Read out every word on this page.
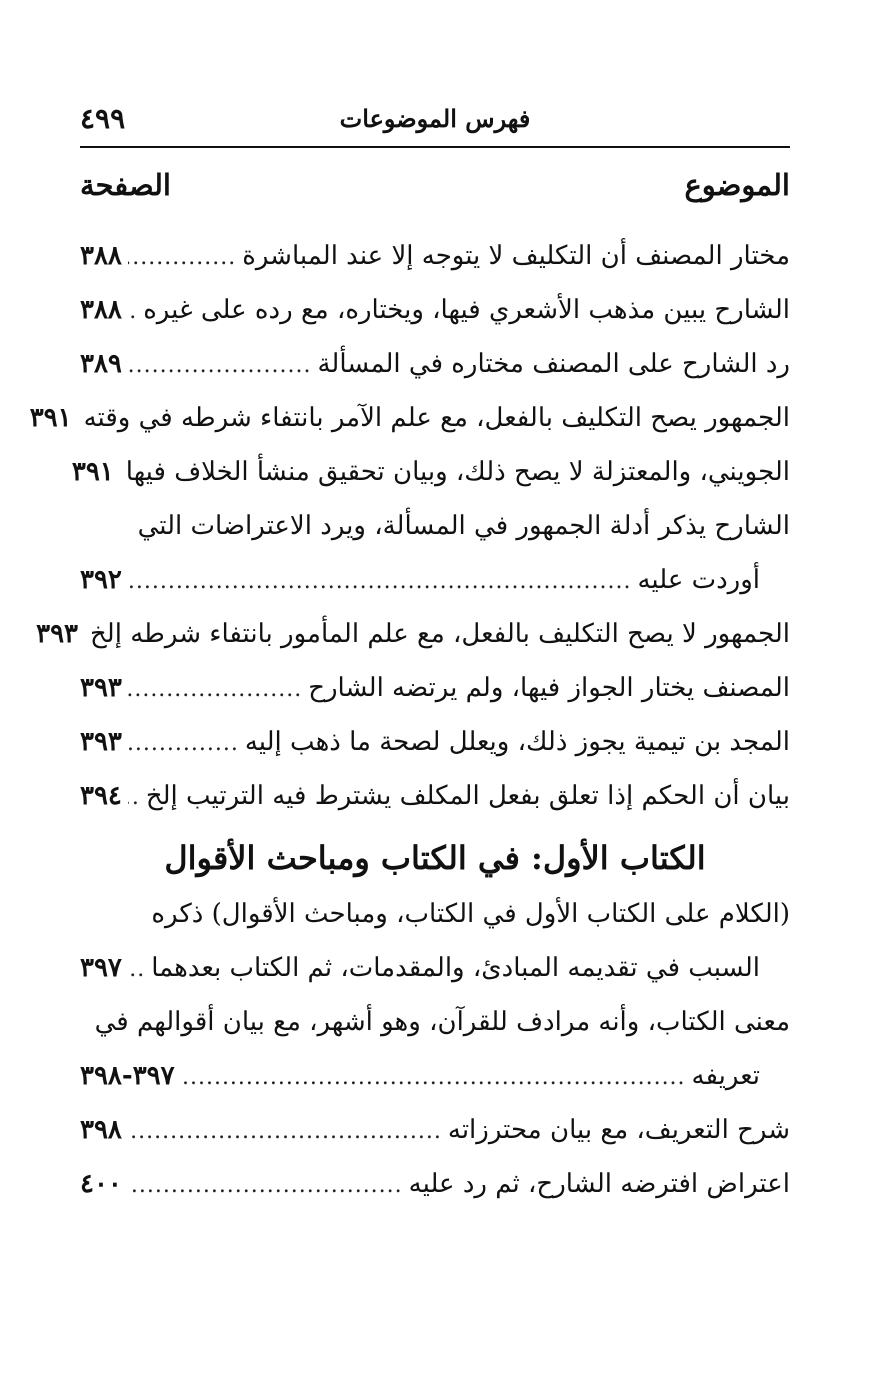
٤٩٩	فهرس الموضوعات
الموضوع
الصفحة
مختار المصنف أن التكليف لا يتوجه إلا عند المباشرة
.....
٣٨٨
الشارح يبين مذهب الأشعري فيها، ويختاره، مع رده على غيره
.....
٣٨٨
رد الشارح على المصنف مختاره في المسألة
.....
٣٨٩
الجمهور يصح التكليف بالفعل، مع علم الآمر بانتفاء شرطه في وقته
٣٩١
الجويني، والمعتزلة لا يصح ذلك، وبيان تحقيق منشأ الخلاف فيها
٣٩١
الشارح يذكر أدلة الجمهور في المسألة، ويرد الاعتراضات التي
أوردت عليه
.....
٣٩٢
الجمهور لا يصح التكليف بالفعل، مع علم المأمور بانتفاء شرطه إلخ
٣٩٣
المصنف يختار الجواز فيها، ولم يرتضه الشارح
.....
٣٩٣
المجد بن تيمية يجوز ذلك، ويعلل لصحة ما ذهب إليه
.....
٣٩٣
بيان أن الحكم إذا تعلق بفعل المكلف يشترط فيه الترتيب إلخ
.....
٣٩٤
الكتاب الأول: في الكتاب ومباحث الأقوال
(الكلام على الكتاب الأول في الكتاب، ومباحث الأقوال) ذكره
السبب في تقديمه المبادئ، والمقدمات، ثم الكتاب بعدهما
.....
٣٩٧
معنى الكتاب، وأنه مرادف للقرآن، وهو أشهر، مع بيان أقوالهم في
تعريفه
.....
٣٩٧-٣٩٨
شرح التعريف، مع بيان محترزاته
.....
٣٩٨
اعتراض افترضه الشارح، ثم رد عليه
.....
٤٠٠
